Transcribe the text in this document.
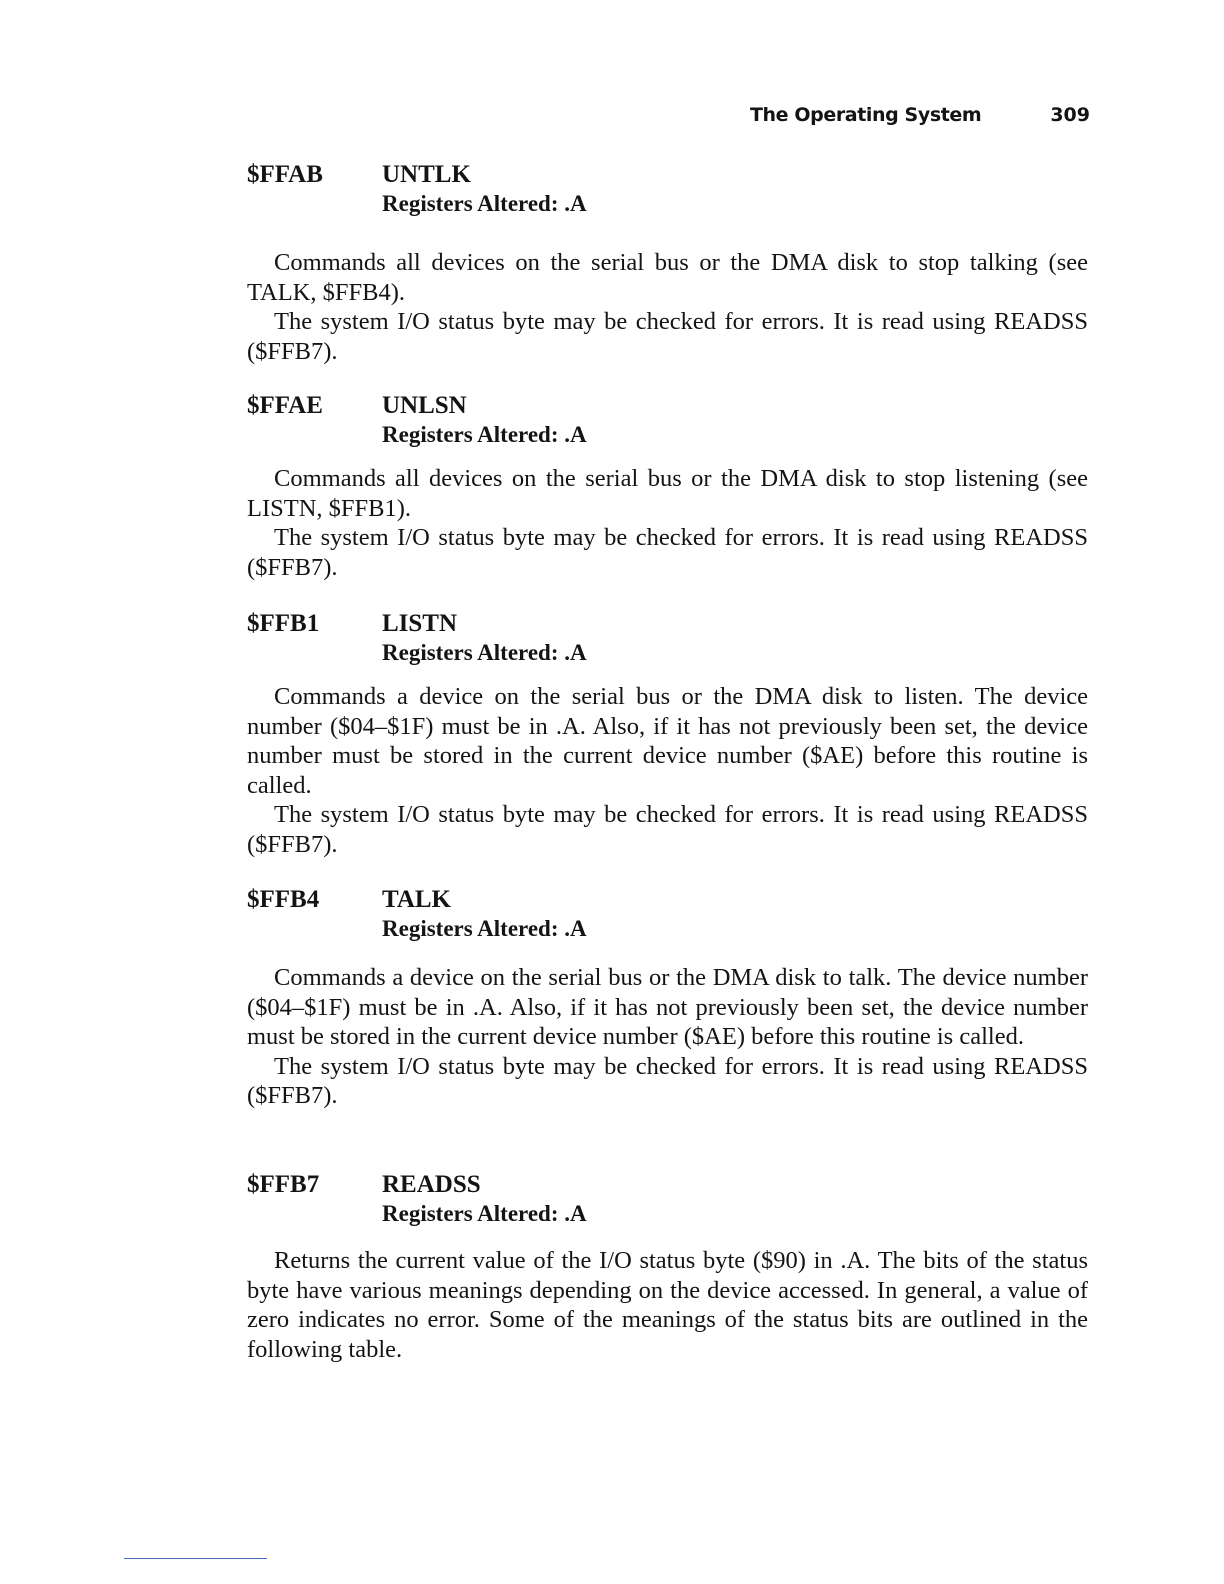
The Operating System	309
$FFAB UNTLK
Registers Altered: .A

Commands all devices on the serial bus or the DMA disk to stop talking (see TALK, $FFB4).

The system I/O status byte may be checked for errors. It is read using READSS ($FFB7).

$FFAE UNLSN
Registers Altered: .A

Commands all devices on the serial bus or the DMA disk to stop listening (see LISTN, $FFB1).

The system I/O status byte may be checked for errors. It is read using READSS ($FFB7).

$FFB1	LISTN
Registers Altered: .A

Commands a device on the serial bus or the DMA disk to listen. The device number ($04–$1F) must be in .A. Also, if it has not previously been set, the device number must be stored in the current device number ($AE) before this routine is called.

The system I/O status byte may be checked for errors. It is read using READSS ($FFB7).

$FFB4	TALK
Registers Altered: .A

Commands a device on the serial bus or the DMA disk to talk. The device number ($04–$1F) must be in .A. Also, if it has not previously been set, the device number must be stored in the current device number ($AE) before this routine is called.

The system I/O status byte may be checked for errors. It is read using READSS ($FFB7).

$FFB7	READSS
Registers Altered: .A

Returns the current value of the I/O status byte ($90) in .A. The bits of the status byte have various meanings depending on the device accessed. In general, a value of zero indicates no error. Some of the meanings of the status bits are outlined in the following table.
